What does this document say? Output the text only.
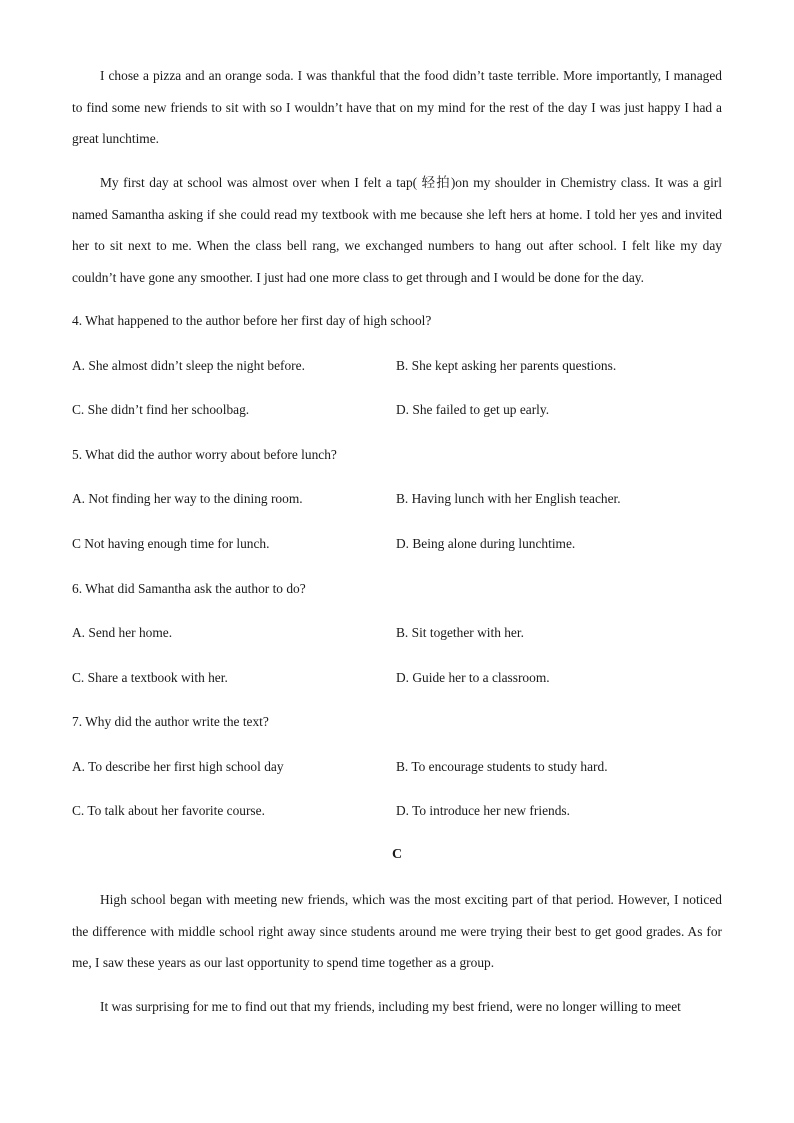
I chose a pizza and an orange soda. I was thankful that the food didn’t taste terrible. More importantly, I managed to find some new friends to sit with so I wouldn’t have that on my mind for the rest of the day I was just happy I had a great lunchtime.

My first day at school was almost over when I felt a tap( 轻拍)on my shoulder in Chemistry class. It was a girl named Samantha asking if she could read my textbook with me because she left hers at home. I told her yes and invited her to sit next to me. When the class bell rang, we exchanged numbers to hang out after school. I felt like my day couldn’t have gone any smoother. I just had one more class to get through and I would be done for the day.

4. What happened to the author before her first day of high school?

A. She almost didn’t sleep the night before.	B. She kept asking her parents questions.

C. She didn’t find her schoolbag.	D. She failed to get up early.

5. What did the author worry about before lunch?

A. Not finding her way to the dining room.	B. Having lunch with her English teacher.

C Not having enough time for lunch.	D. Being alone during lunchtime.

6. What did Samantha ask the author to do?

A. Send her home.	B. Sit together with her.

C. Share a textbook with her.	D. Guide her to a classroom.

7. Why did the author write the text?

A. To describe her first high school day	B. To encourage students to study hard.

C. To talk about her favorite course.	D. To introduce her new friends.

C

High school began with meeting new friends, which was the most exciting part of that period. However, I noticed the difference with middle school right away since students around me were trying their best to get good grades. As for me, I saw these years as our last opportunity to spend time together as a group.

It was surprising for me to find out that my friends, including my best friend, were no longer willing to meet
